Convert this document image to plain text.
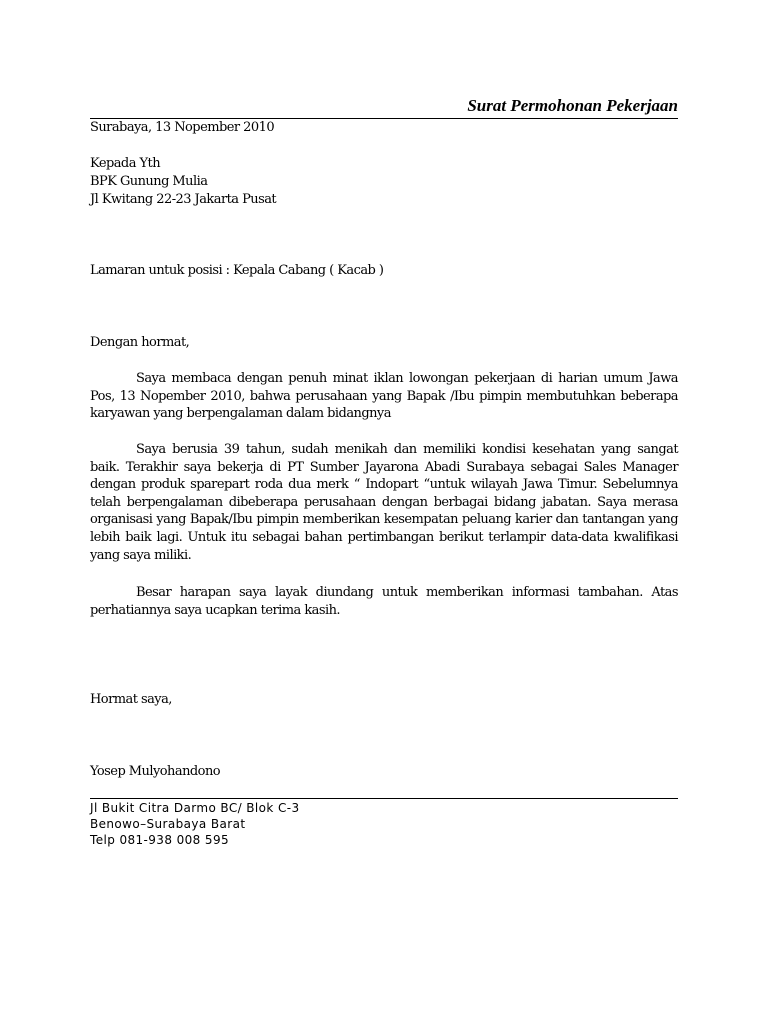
Surat Permohonan Pekerjaan
Surabaya, 13 Nopember 2010
Kepada Yth
BPK Gunung Mulia
Jl Kwitang 22-23 Jakarta Pusat
Lamaran untuk posisi : Kepala Cabang ( Kacab )
Dengan hormat,
Saya membaca dengan penuh minat iklan lowongan pekerjaan di harian umum Jawa Pos, 13 Nopember 2010, bahwa perusahaan yang Bapak /Ibu pimpin membutuhkan beberapa karyawan yang berpengalaman dalam bidangnya
Saya berusia 39 tahun, sudah menikah dan memiliki kondisi kesehatan yang sangat baik. Terakhir saya bekerja di PT Sumber Jayarona Abadi Surabaya sebagai Sales Manager dengan produk sparepart roda dua merk “ Indopart “untuk wilayah Jawa Timur. Sebelumnya telah berpengalaman dibeberapa perusahaan dengan berbagai bidang jabatan. Saya merasa organisasi yang Bapak/Ibu pimpin memberikan kesempatan peluang karier dan tantangan yang lebih baik lagi. Untuk itu sebagai bahan pertimbangan berikut terlampir data-data kwalifikasi yang saya miliki.
Besar harapan saya layak diundang untuk memberikan informasi tambahan. Atas perhatiannya saya ucapkan terima kasih.
Hormat saya,
Yosep Mulyohandono
Jl Bukit Citra Darmo BC/ Blok C-3
Benowo–Surabaya Barat
Telp 081-938 008 595
